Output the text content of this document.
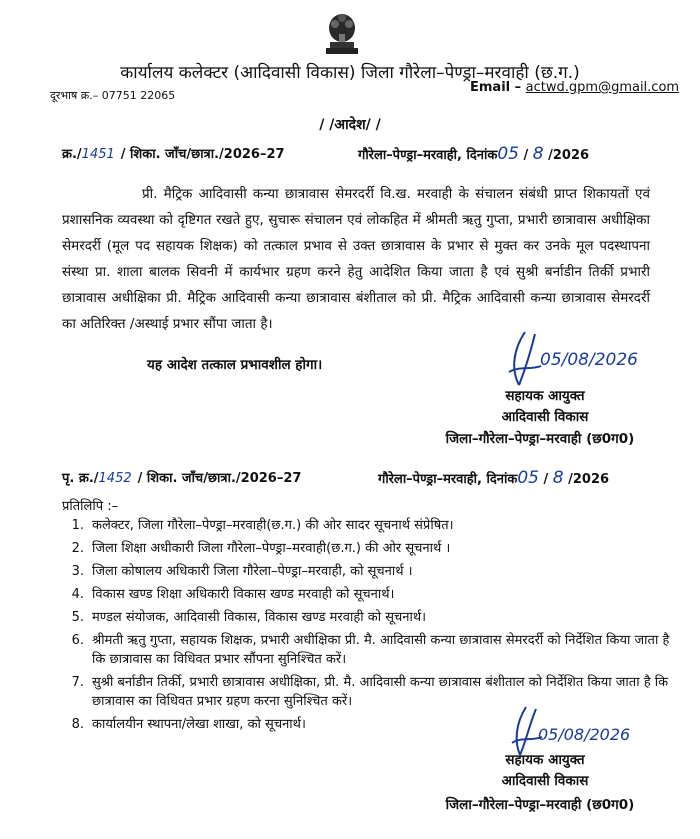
कार्यालय कलेक्टर (आदिवासी विकास) जिला गौरेला–पेण्ड्रा–मरवाही (छ.ग.)
दूरभाष क्र.– 07751 22065
Email – actwd.gpm@gmail.com
/ /आदेश/ /
क्र./1451 / शिका. जाँच/छात्रा./2026–27	गौरेला–पेण्ड्रा–मरवाही, दिनांक05 / 8 /2026
प्री. मैट्रिक आदिवासी कन्या छात्रावास सेमरदर्री वि.ख. मरवाही के संचालन संबंधी प्राप्त शिकायतों एवं प्रशासनिक व्यवस्था को दृष्टिगत रखते हुए, सुचारू संचालन एवं लोकहित में श्रीमती ऋतु गुप्ता, प्रभारी छात्रावास अधीक्षिका सेमरदर्री (मूल पद सहायक शिक्षक) को तत्काल प्रभाव से उक्त छात्रावास के प्रभार से मुक्त कर उनके मूल पदस्थापना संस्था प्रा. शाला बालक सिवनी में कार्यभार ग्रहण करने हेतु आदेशित किया जाता है एवं सुश्री बर्नाडीन तिर्की प्रभारी छात्रावास अधीक्षिका प्री. मैट्रिक आदिवासी कन्या छात्रावास बंशीताल को प्री. मैट्रिक आदिवासी कन्या छात्रावास सेमरदर्री का अतिरिक्त /अस्थाई प्रभार सौंपा जाता है।
यह आदेश तत्काल प्रभावशील होगा।	05/08/2026
सहायक आयुक्त
आदिवासी विकास
जिला–गौरेला–पेण्ड्रा–मरवाही (छ0ग0)
पृ. क्र./1452 / शिका. जाँच/छात्रा./2026–27	गौरेला–पेण्ड्रा–मरवाही, दिनांक05 / 8 /2026
प्रतिलिपि :–
1. कलेक्टर, जिला गौरेला–पेण्ड्रा–मरवाही(छ.ग.) की ओर सादर सूचनार्थ संप्रेषित।
2. जिला शिक्षा अधीकारी जिला गौरेला–पेण्ड्रा–मरवाही(छ.ग.) की ओर सूचनार्थ ।
3. जिला कोषालय अधिकारी जिला गौरेला–पेण्ड्रा–मरवाही, को सूचनार्थ ।
4. विकास खण्ड शिक्षा अधिकारी विकास खण्ड मरवाही को सूचनार्थ।
5. मण्डल संयोजक, आदिवासी विकास, विकास खण्ड मरवाही को सूचनार्थ।
6. श्रीमती ऋतु गुप्ता, सहायक शिक्षक, प्रभारी अधीक्षिका प्री. मै. आदिवासी कन्या छात्रावास सेमरदर्री को निर्देशित किया जाता है कि छात्रावास का विधिवत प्रभार सौंपना सुनिश्चित करें।
7. सुश्री बर्नाडीन तिर्की, प्रभारी छात्रावास अधीक्षिका, प्री. मै. आदिवासी कन्या छात्रावास बंशीताल को निर्देशित किया जाता है कि छात्रावास का विधिवत प्रभार ग्रहण करना सुनिश्चित करें।
8. कार्यालयीन स्थापना/लेखा शाखा, को सूचनार्थ।
05/08/2026
सहायक आयुक्त
आदिवासी विकास
जिला–गौरेला–पेण्ड्रा–मरवाही (छ0ग0)
